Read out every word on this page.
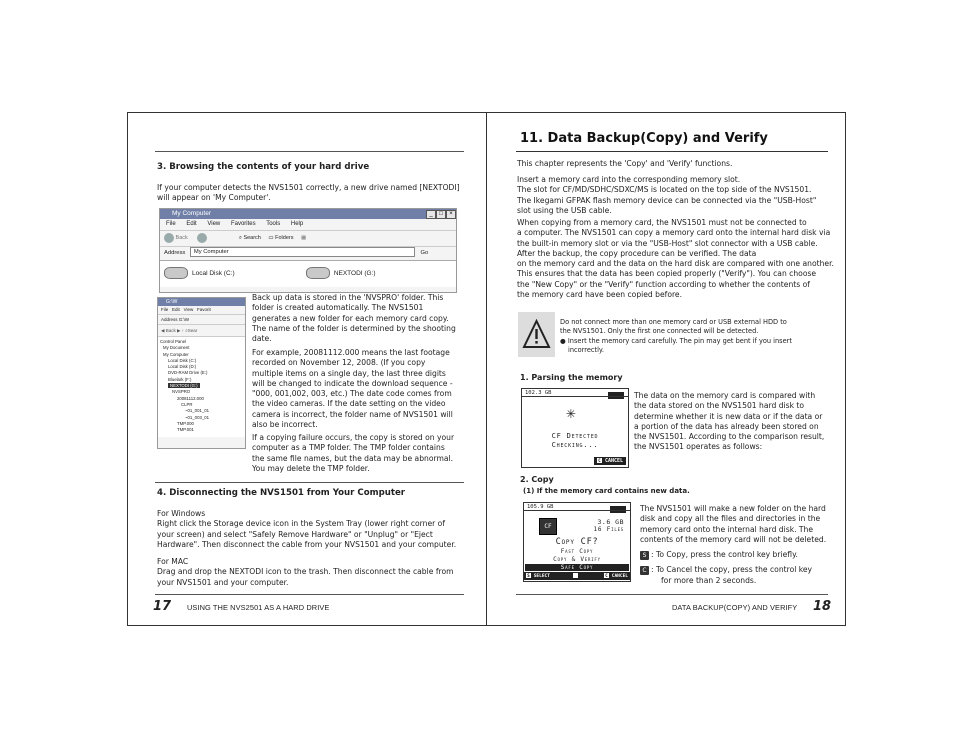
3. Browsing the contents of your hard drive

If your computer detects the NVS1501 correctly, a new drive named [NEXTODI]

will appear on 'My Computer'.

My Computer	_	□	×
File Edit View Favorites Tools Help
Back	⌕ Search ▭ Folders ▦
Address My Computer	Go
Local Disk (C:)	NEXTODI (G:)
G:\W
File Edit View Favorit
Address G:\W
◀ Back ▶ ↑ ⌕Sear
Control Panel
My Document
My Computer
Local Disk (C:)
Local Disk (D:)
DVD-RAM Drive (E:)
Bluelark (F:)
NEXTODI (G:)
NVSPRO
20081112.000
CLPR
~01_001_01
~01_003_01
TMP.000
TMP.001

Back up data is stored in the 'NVSPRO' folder. This

folder is created automatically. The NVS1501

generates a new folder for each memory card copy.

The name of the folder is determined by the shooting

date.

For example, 20081112.000 means the last footage

recorded on November 12, 2008. (If you copy

multiple items on a single day, the last three digits

will be changed to indicate the download sequence -

"000, 001,002, 003, etc.) The date code comes from

the video cameras. If the date setting on the video

camera is incorrect, the folder name of NVS1501 will

also be incorrect.

If a copying failure occurs, the copy is stored on your

computer as a TMP folder. The TMP folder contains

the same file names, but the data may be abnormal.

You may delete the TMP folder.

4. Disconnecting the NVS1501 from Your Computer

For Windows

Right click the Storage device icon in the System Tray (lower right corner of

your screen) and select "Safely Remove Hardware" or "Unplug" or "Eject

Hardware". Then disconnect the cable from your NVS1501 and your computer.

For MAC

Drag and drop the NEXTODI icon to the trash. Then disconnect the cable from

your NVS1501 and your computer.

17 USING THE NVS2501 AS A HARD DRIVE
11. Data Backup(Copy) and Verify

This chapter represents the 'Copy' and 'Verify' functions.

Insert a memory card into the corresponding memory slot.

The slot for CF/MD/SDHC/SDXC/MS is located on the top side of the NVS1501.

The Ikegami GFPAK flash memory device can be connected via the "USB-Host"

slot using the USB cable.

When copying from a memory card, the NVS1501 must not be connected to

a computer. The NVS1501 can copy a memory card onto the internal hard disk via

the built-in memory slot or via the "USB-Host" slot connector with a USB cable.

After the backup, the copy procedure can be verified. The data

on the memory card and the data on the hard disk are compared with one another.

This ensures that the data has been copied properly ("Verify"). You can choose

the "New Copy" or the "Verify" function according to whether the contents of

the memory card have been copied before.

Do not connect more than one memory card or USB external HDD to

the NVS1501. Only the first one connected will be detected.

● Insert the memory card carefully. The pin may get bent if you insert

incorrectly.

1. Parsing the memory
102.3 GB
✳
CF Detected
Checking...
C CANCEL

The data on the memory card is compared with

the data stored on the NVS1501 hard disk to

determine whether it is new data or if the data or

a portion of the data has already been stored on

the NVS1501. According to the comparison result,

the NVS1501 operates as follows:

2. Copy
(1) If the memory card contains new data.
105.9 GB
CF
3.6 GB
16 Files
Copy CF?
Fast Copy
Copy & Verify
Safe Copy
S SELECT	C CANCEL

The NVS1501 will make a new folder on the hard

disk and copy all the files and directories in the

memory card onto the internal hard disk. The

contents of the memory card will not be deleted.

S : To Copy, press the control key briefly.
C : To Cancel the copy, press the control key
for more than 2 seconds.
DATA BACKUP(COPY) AND VERIFY 18
